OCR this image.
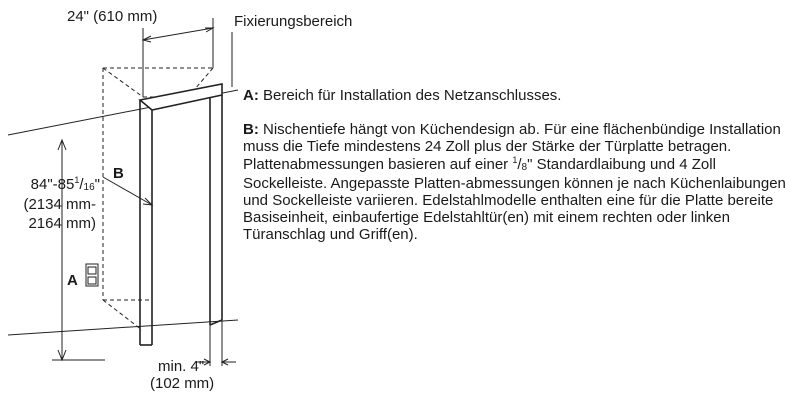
24" (610 mm)	Fixierungsbereich
$84"-85^1/16$"
(2134 mm-
2164 mm)
B
A
min. 4"
(102 mm)

A: Bereich für Installation des Netzanschlusses.

B: Nischentiefe hängt von Küchendesign ab. Für eine flächenbündige Installation muss die Tiefe mindestens 24 Zoll plus der Stärke der Türplatte betragen. Plattenabmessungen basieren auf einer $^1$/8" Standardlaibung und 4 Zoll Sockelleiste. Angepasste Platten-abmessungen können je nach Küchenlaibungen und Sockelleiste variieren. Edelstahlmodelle enthalten eine für die Platte bereite Basiseinheit, einbaufertige Edelstahltür(en) mit einem rechten oder linken Türanschlag und Griff(en).
